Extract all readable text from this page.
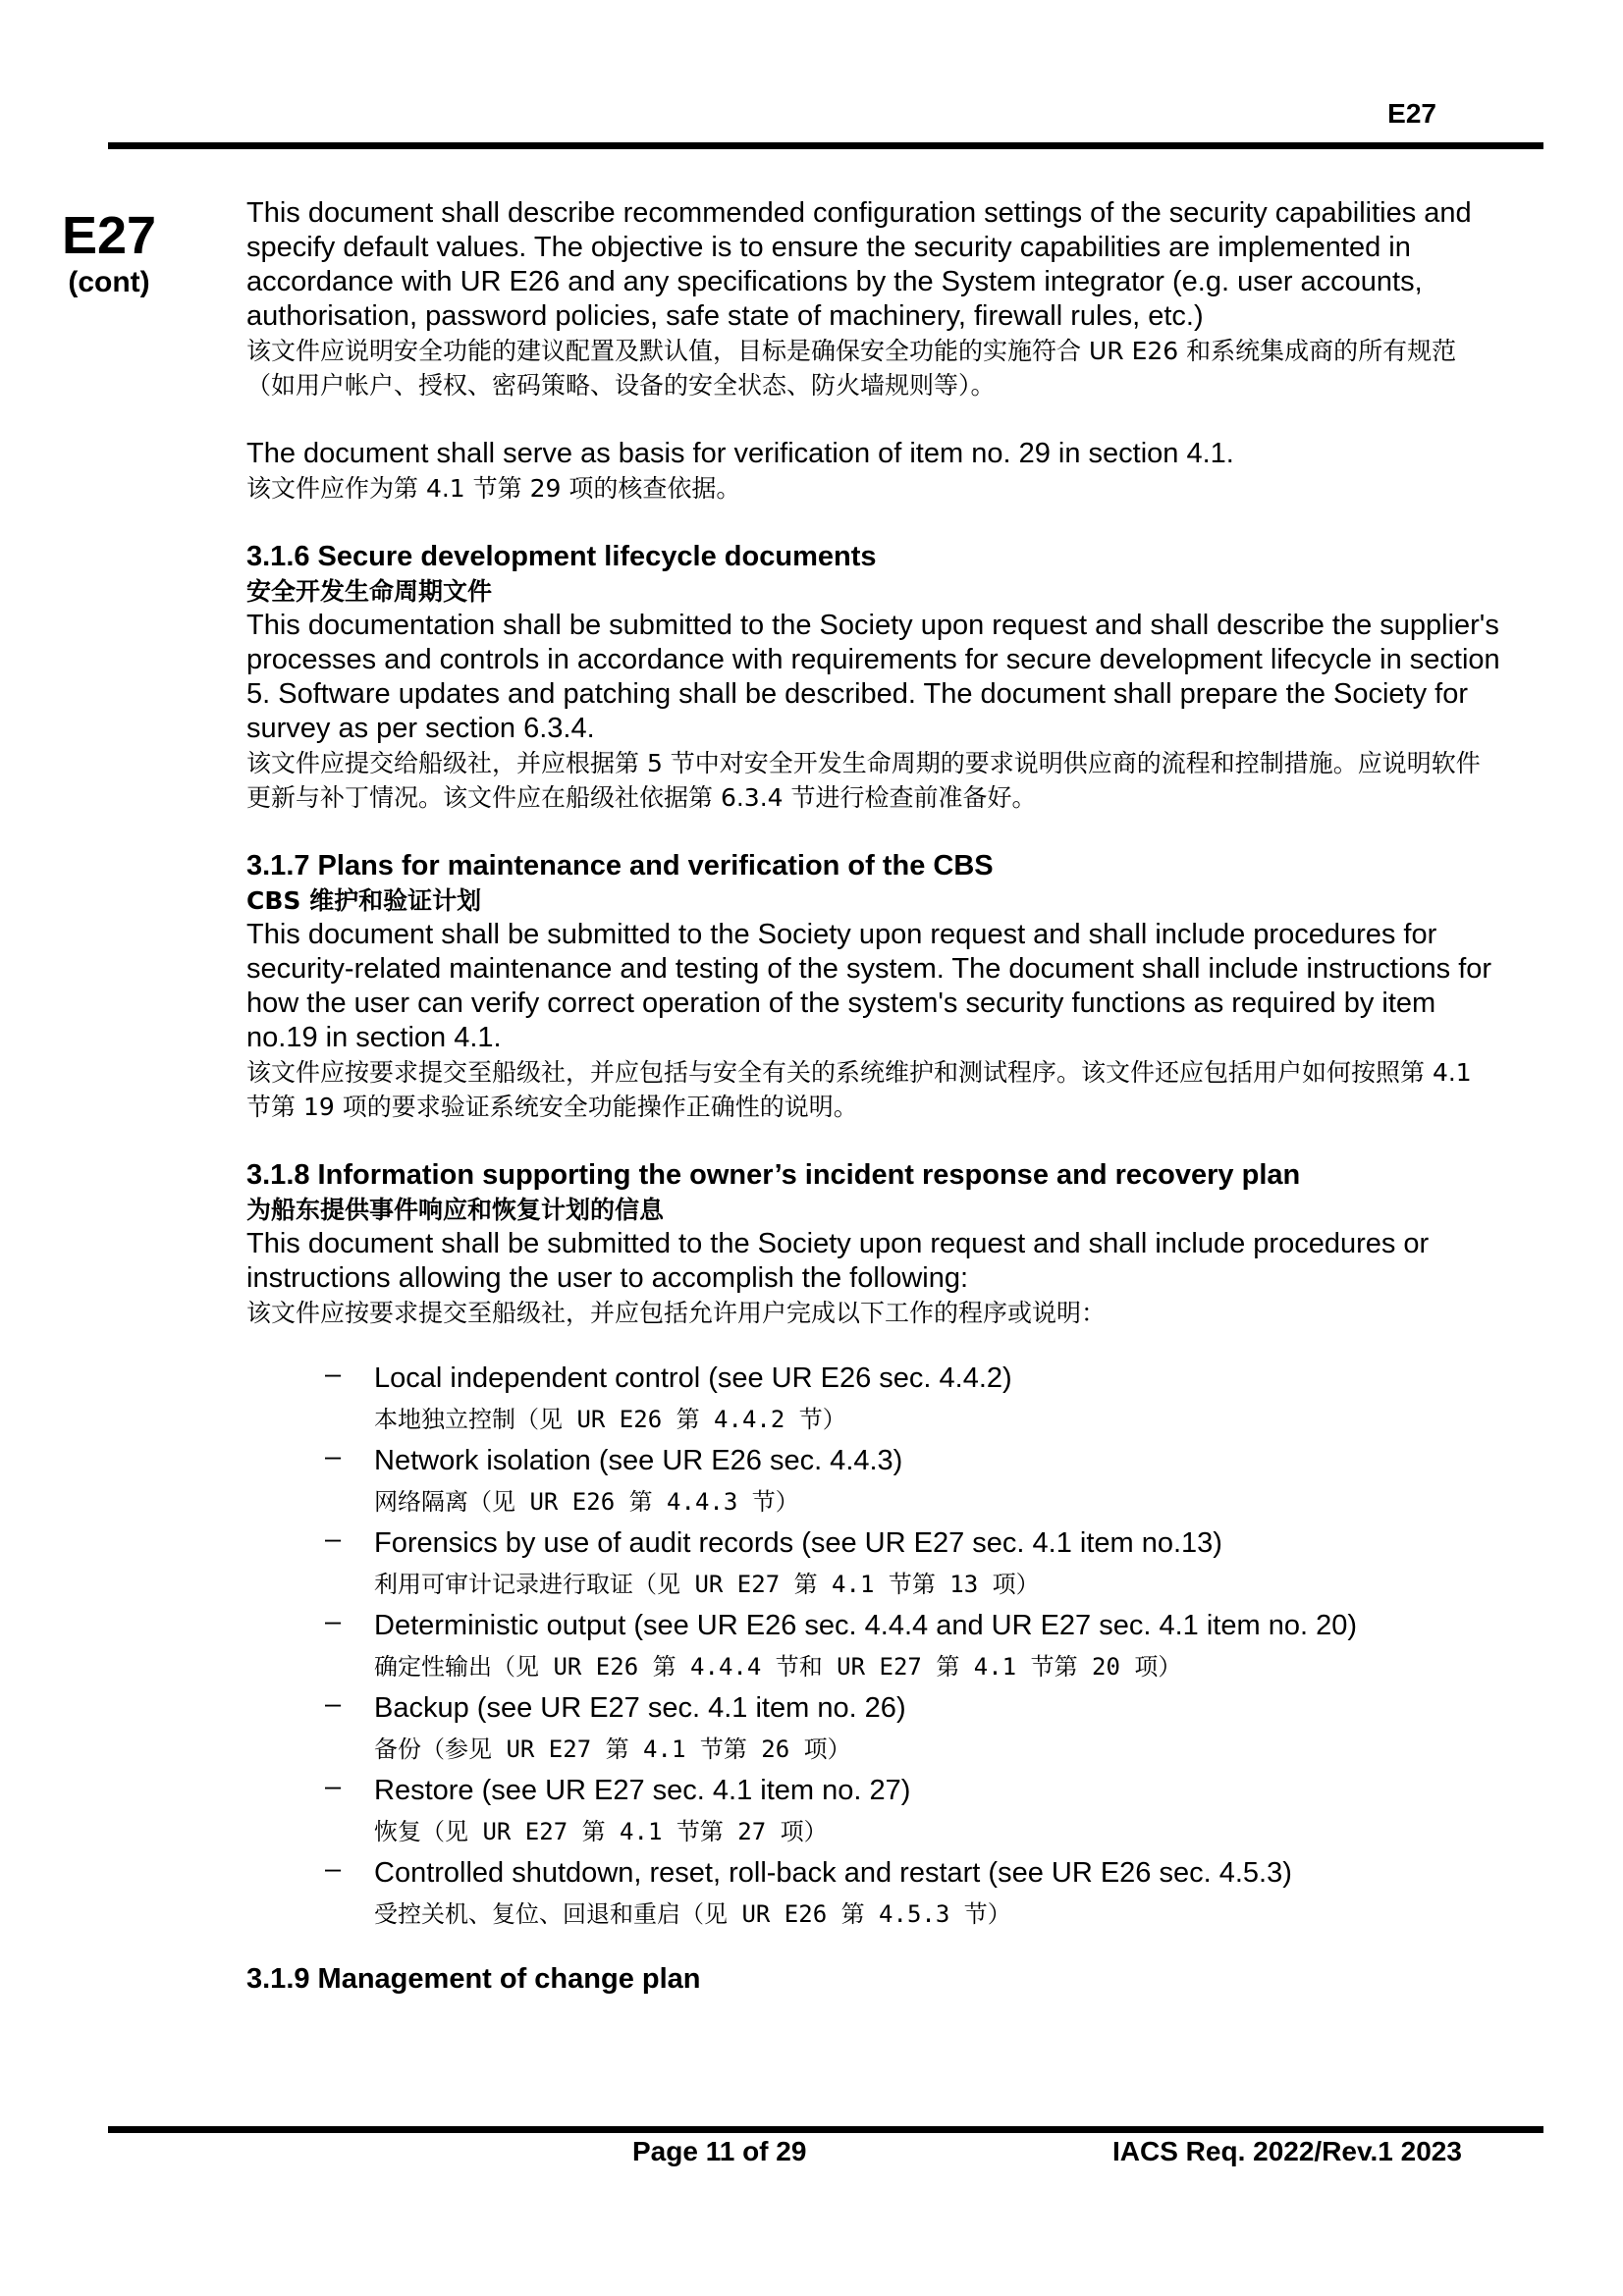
E27
E27
(cont)

This document shall describe recommended configuration settings of the security capabilities and specify default values. The objective is to ensure the security capabilities are implemented in accordance with UR E26 and any specifications by the System integrator (e.g. user accounts, authorisation, password policies, safe state of machinery, firewall rules, etc.)

该文件应说明安全功能的建议配置及默认值，目标是确保安全功能的实施符合 UR E26 和系统集成商的所有规范（如用户帐户、授权、密码策略、设备的安全状态、防火墙规则等）。

The document shall serve as basis for verification of item no. 29 in section 4.1.

该文件应作为第 4.1 节第 29 项的核查依据。

3.1.6 Secure development lifecycle documents

安全开发生命周期文件

This documentation shall be submitted to the Society upon request and shall describe the supplier's processes and controls in accordance with requirements for secure development lifecycle in section 5. Software updates and patching shall be described. The document shall prepare the Society for survey as per section 6.3.4.

该文件应提交给船级社，并应根据第 5 节中对安全开发生命周期的要求说明供应商的流程和控制措施。应说明软件更新与补丁情况。该文件应在船级社依据第 6.3.4 节进行检查前准备好。

3.1.7 Plans for maintenance and verification of the CBS

CBS 维护和验证计划

This document shall be submitted to the Society upon request and shall include procedures for security-related maintenance and testing of the system. The document shall include instructions for how the user can verify correct operation of the system's security functions as required by item no.19 in section 4.1.

该文件应按要求提交至船级社，并应包括与安全有关的系统维护和测试程序。该文件还应包括用户如何按照第 4.1 节第 19 项的要求验证系统安全功能操作正确性的说明。

3.1.8 Information supporting the owner’s incident response and recovery plan

为船东提供事件响应和恢复计划的信息

This document shall be submitted to the Society upon request and shall include procedures or instructions allowing the user to accomplish the following:

该文件应按要求提交至船级社，并应包括允许用户完成以下工作的程序或说明：

– Local independent control (see UR E26 sec. 4.4.2)
本地独立控制（见 UR E26 第 4.4.2 节）
– Network isolation (see UR E26 sec. 4.4.3)
网络隔离（见 UR E26 第 4.4.3 节）
– Forensics by use of audit records (see UR E27 sec. 4.1 item no.13)
利用可审计记录进行取证（见 UR E27 第 4.1 节第 13 项）
– Deterministic output (see UR E26 sec. 4.4.4 and UR E27 sec. 4.1 item no. 20)
确定性输出（见 UR E26 第 4.4.4 节和 UR E27 第 4.1 节第 20 项）
– Backup (see UR E27 sec. 4.1 item no. 26)
备份（参见 UR E27 第 4.1 节第 26 项）
– Restore (see UR E27 sec. 4.1 item no. 27)
恢复（见 UR E27 第 4.1 节第 27 项）
– Controlled shutdown, reset, roll-back and restart (see UR E26 sec. 4.5.3)
受控关机、复位、回退和重启（见 UR E26 第 4.5.3 节）
3.1.9 Management of change plan
Page 11 of 29	IACS Req. 2022/Rev.1 2023
